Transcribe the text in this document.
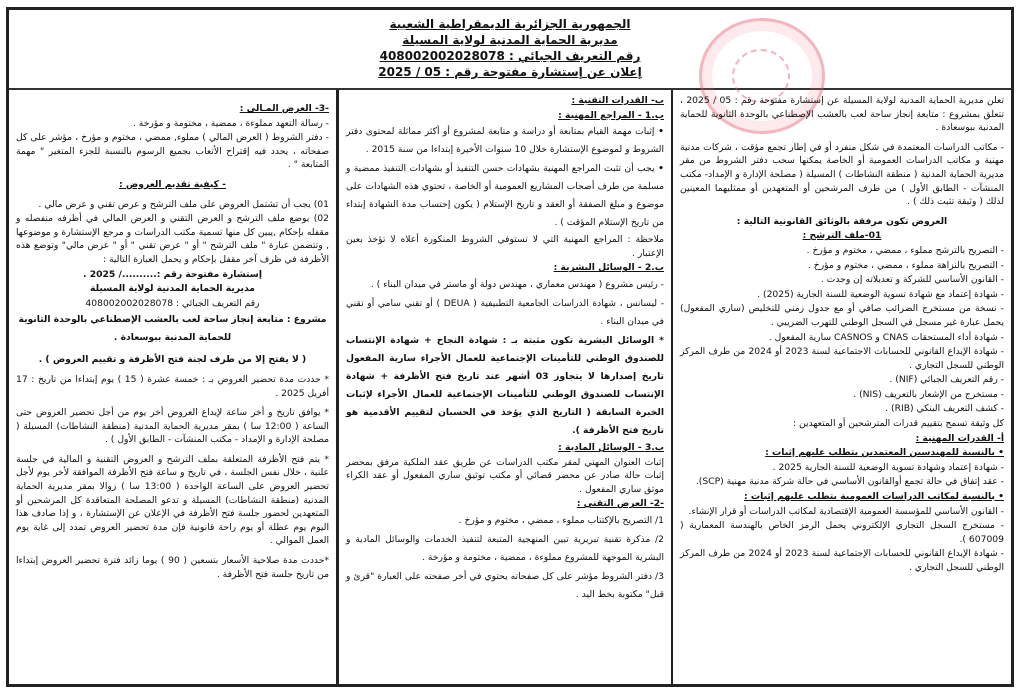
الجمهورية الجزائرية الديمقراطية الشعبية
مديرية الحماية المدنية لولاية المسيلة
رقم التعريف الجبائي : 408002002028078
إعلان عن إستشارة مفتوحة رقم : 05 / 2025

تعلن مديرية الحماية المدنية لولاية المسيلة عن إستشارة مفتوحة رقم : 05 / 2025 ، تتعلق بمشروع : متابعة إنجاز ساحة لعب بالعشب الإصطناعي بالوحدة الثانوية للحماية المدنية ببوسعادة .

- مكاتب الدراسات المعتمدة في شكل منفرد أو في إطار تجمع مؤقت ، شركات مدنية مهنية و مكاتب الدراسات العمومية أو الخاصة يمكنها سحب دفتر الشروط من مقر مديرية الحماية المدنية ( منطقة النشاطات ) المسيلة ( مصلحة الإدارة و الإمداد- مكتب المنشآت - الطابق الأول ) من طرف المرشحين أو المتعهدين أو ممثليهما المعينين لذلك ( وثيقة تثبت ذلك ) .

العروض تكون مرفقة بالوثائق القانونية التالية :

01-ملف الترشح :

- التصريح بالترشح مملوء ، ممضي ، مختوم و مؤرخ .

- التصريح بالنزاهة مملوء ، ممضي ، مختوم و مؤرخ .

- القانون الأساسي للشركة و تعديلاته إن وجدت .

- شهادة إعتماد مع شهادة تسوية الوضعية للسنة الجارية (2025) .

- نسخة من مستخرج الضرائب صافي أو مع جدول زمني للتخليص (ساري المفعول) يحمل عبارة غير مسجل في السجل الوطني للتهرب الضريبي .

- شهادة أداء المستحقات CNAS و CASNOS سارية المفعول .

- شهادة الإيداع القانوني للحسابات الاجتماعية لسنة 2023 أو 2024 من طرف المركز الوطني للسجل التجاري .

- رقم التعريف الجبائي (NIF) .

- مستخرج من الإشعار بالتعريف (NIS) .

- كشف التعريف البنكي (RIB) .

كل وثيقة تسمح بتقييم قدرات المترشحين أو المتعهدين :

أ- القدرات المهنية :

• بالنسبة للمهندسين المعتمدين يتطلب عليهم إثبات :

- شهادة إعتماد وشهادة تسوية الوضعية للسنة الجارية 2025 .

- عقد إتفاق في حالة تجمع أوالقانون الأساسي في حالة شركة مدنية مهنية (SCP).

• بالنسبة لمكاتب الدراسات العمومية يتطلب عليهم إثبات :

- القانون الأساسي للمؤسسة العمومية الإقتصادية لمكاتب الدراسات أو قرار الإنشاء.

- مستخرج السجل التجاري الإلكتروني يحمل الرمز الخاص بالهندسة المعمارية ( 607009 ).

- شهادة الإيداع القانوني للحسابات الإجتماعية لسنة 2023 أو 2024 من طرف المركز الوطني للسجل التجاري .

ب- القدرات التقنية :

ب.1 - المراجع المهنية :

• إثبات مهمة القيام بمتابعة أو دراسة و متابعة لمشروع أو أكثر مماثلة لمحتوى دفتر الشروط و لموضوع الإستشارة خلال 10 سنوات الأخيرة إبتداءا من سنة 2015 .

• يجب أن تثبت المراجع المهنية بشهادات حسن التنفيذ أو بشهادات التنفيذ ممضية و مسلمة من طرف أصحاب المشاريع العمومية أو الخاصة ، تحتوي هذه الشهادات على موضوع و مبلغ الصفقة أو العقد و تاريخ الإستلام ( يكون إحتساب مدة الشهادة إبتداء من تاريخ الإستلام المؤقت ) .

ملاحظة : المراجع المهنية التي لا تستوفي الشروط المنكورة أعلاه لا تؤخذ بعين الإعتبار .

ب.2 - الوسائل البشرية :

- رئيس مشروع ( مهندس معماري ، مهندس دولة أو ماستر في ميدان البناء ) .

- ليسانس ، شهادة الدراسات الجامعية التطبيقية ( DEUA ) أو تقني سامي أو تقني في ميدان البناء .

* الوسائل البشرية تكون مثبتة بـ : شهادة النجاح + شهادة الإنتساب للصندوق الوطني للتأمينات الإجتماعية للعمال الأجراء سارية المفعول تاريخ إصدارها لا يتجاوز 03 أشهر عند تاريخ فتح الأظرفة + شهادة الإنتساب للصندوق الوطني للتأمينات الإجتماعية للعمال الأجراء لإثبات الخبرة السابقة ( التاريخ الذي يؤخذ في الحسبان لتقييم الأقدمية هو تاريخ فتح الأظرفة ).

ب.3 - الوسائل المادية :

إثبات العنوان المهني لمقر مكتب الدراسات عن طريق عقد الملكية مرفق بمحضر إثبات حالة صادر عن محضر قضائي أو مكتب توثيق ساري المفعول أو عقد الكراء موثق ساري المفعول .

-2- العرض التقني :

1/ التصريح بالإكتتاب مملوء ، ممضي ، مختوم و مؤرخ .

2/ مذكرة تقنية تبريرية تبين المنهجية المتبعة لتنفيذ الخدمات والوسائل المادية و البشرية الموجهة للمشروع مملوءة ، ممضية ، مختومة و مؤرخة .

3/ دفتر الشروط مؤشر على كل صفحاته يحتوي في أخر صفحته على العبارة "قرئ و قبل" مكتوبة بخط اليد .

-3- العرض المـالي :

- رسالة التعهد مملوءة ، ممضية ، مختومة و مؤرخة .

- دفتر الشروط ( العرض المالي ) مملوء, ممضي ، مختوم و مؤرخ ، مؤشر على كل صفحاته ، يحدد فيه إقتراح الأتعاب بجميع الرسوم بالنسبة للجزء المتغير " مهمة المتابعة " .

- كيفية تقديم العروض :

01) يجب أن تشتمل العروض على ملف الترشح و عرض تقني و عرض مالي .

02) يوضع ملف الترشح و العرض التقني و العرض المالي في أظرفه منفصله و مقفله بإحكام ,يبين كل منها تسمية مكتب الدراسات و مرجع الإستشارة و موضوعها , وتتضمن عبارة " ملف الترشح " أو " عرض تقني " أو " عرض مالي" وتوضع هذه الأظرفة في ظرف آخر مقفل بإحكام و يحمل العبارة التالية :

إستشارة مفتوحة رقم :........../ 2025 .

مديرية الحماية المدنية لولاية المسيلة

رقم التعريف الجبائي : 408002002028078

مشروع : متابعة إنجاز ساحة لعب بالعشب الإصطناعي بالوحدة الثانوية للحماية المدنية ببوسعادة .

( لا يفتح إلا من طرف لجنة فتح الأظرفة و تقييم العروض ) .

* حددت مدة تحضير العروض بـ : خمسة عشرة ( 15 ) يوم إبتداءا من تاريخ : 17 أفريل 2025 .

* يوافق تاريخ و أخر ساعة لإيداع العروض أخر يوم من أجل تحضير العروض حتى الساعة ( 12:00 سا ) بمقر مديرية الحماية المدنية (منطقة النشاطات) المسيلة ( مصلحة الإدارة و الإمداد - مكتب المنشآت - الطابق الأول ) .

* يتم فتح الأظرفة المتعلقة بملف الترشح و العروض التقنية و المالية في جلسة علنية ، خلال نفس الجلسة ، في تاريخ و ساعة فتح الأظرفة الموافقة لأخر يوم لأجل تحضير العروض على الساعة الواحدة ( 13:00 سا ) زوالا بمقر مديرية الحماية المدنية (منطقة النشاطات) المسيلة و تدعو المصلحة المتعاقدة كل المرشحين أو المتعهدين لحضور جلسة فتح الأظرفة في الإعلان عن الإستشارة ، و إذا صادف هذا اليوم يوم عطلة أو يوم راحة قانونية فإن مدة تحضير العروض تمدد إلى غاية يوم العمل الموالي .

*حددت مدة صلاحية الأسعار بتسعين ( 90 ) يوما زائد فترة تحضير العروض إبتداءا من تاريخ جلسة فتح الأظرفة .
